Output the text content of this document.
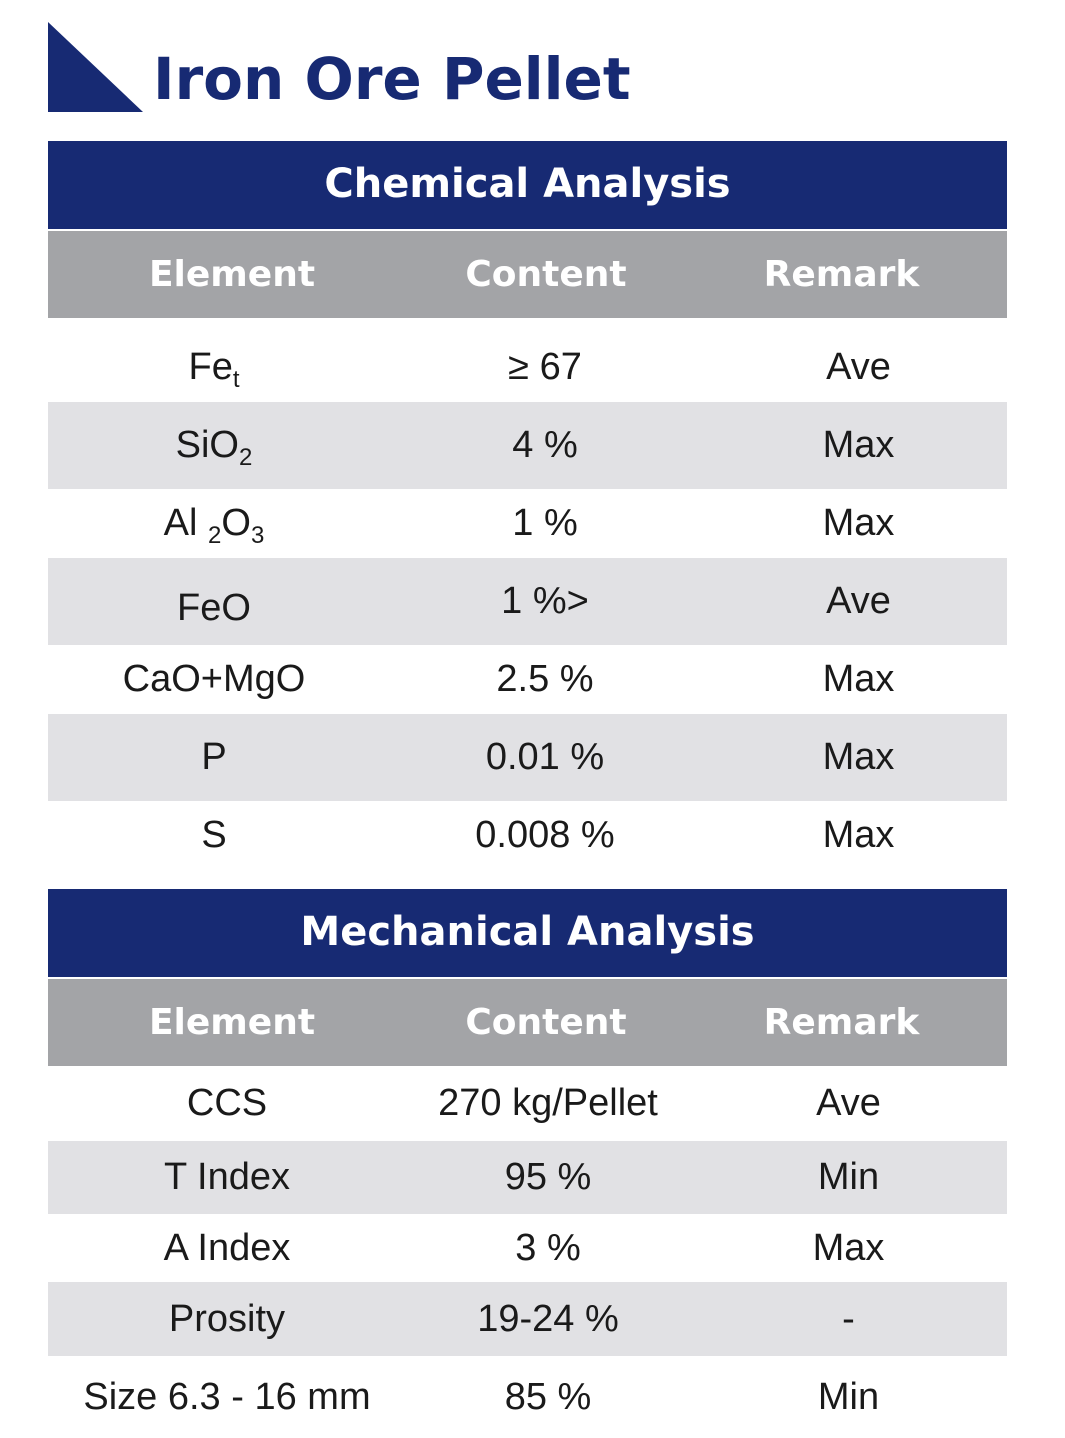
Iron Ore Pellet
Chemical Analysis
Element	Content	Remark
$Fe_t$	≥ 67	Ave
SiO$_2$	4 %	Max
Al $_2O_3$	1 %	Max
FeO	1 %>	Ave
CaO+MgO	2.5 %	Max
P	0.01 %	Max
S	0.008 %	Max
Mechanical Analysis
Element	Content	Remark
CCS	270 kg/Pellet	Ave
T Index	95 %	Min
A Index	3 %	Max
Prosity	19-24 %	-
Size 6.3 - 16 mm	85 %	Min
